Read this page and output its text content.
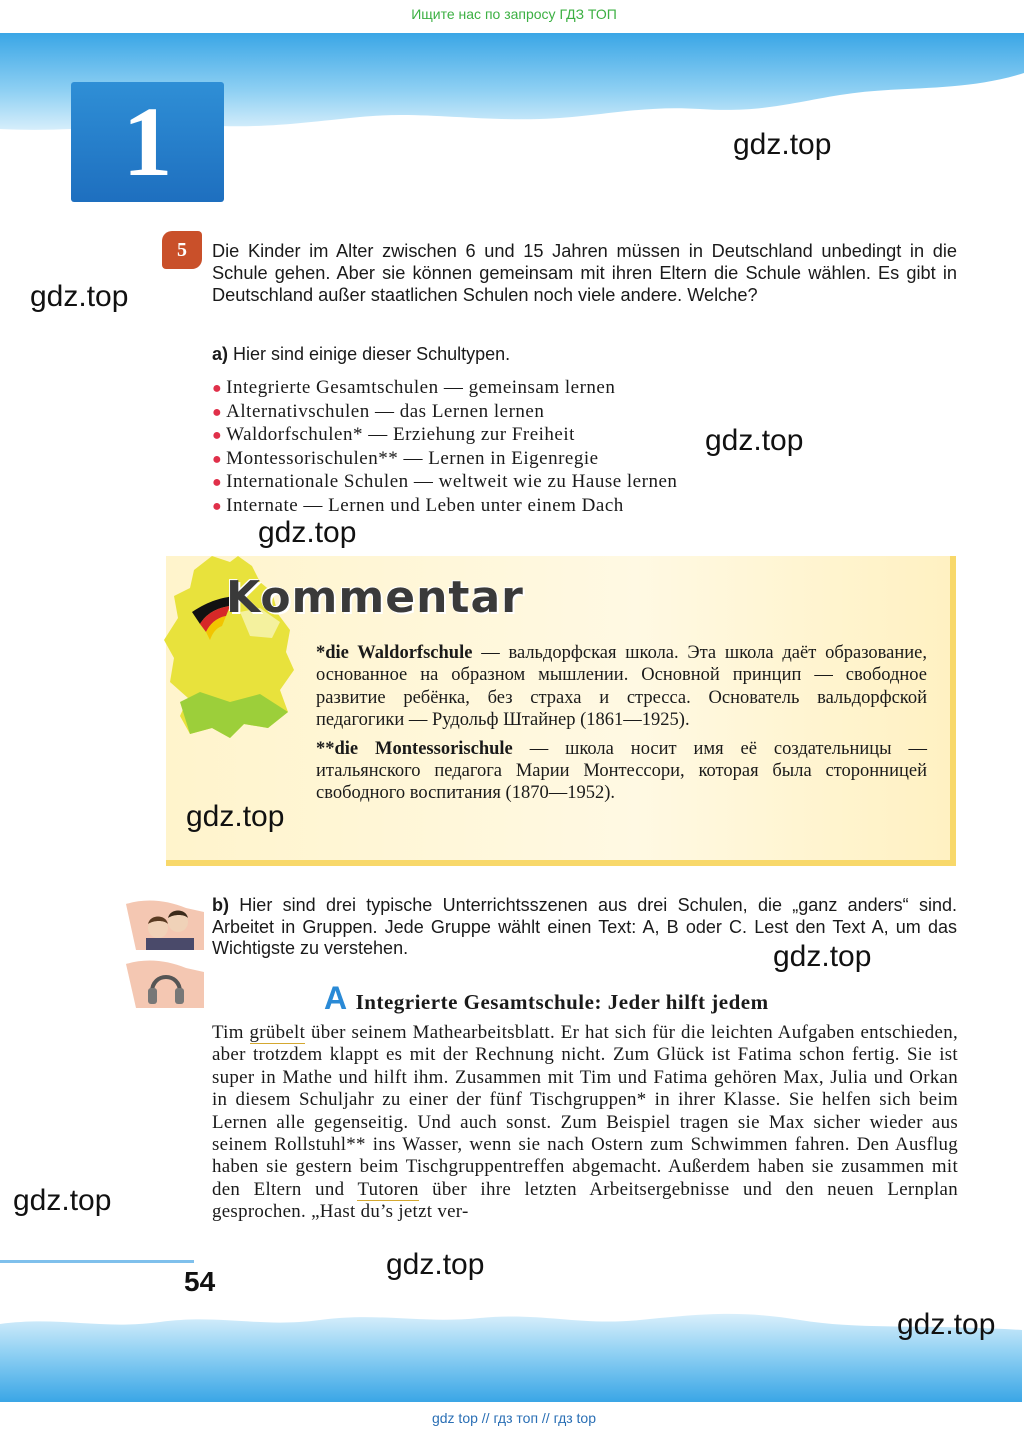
Ищите нас по запросу ГДЗ ТОП
gdz top // гдз топ // гдз top
1
5	Die Kinder im Alter zwischen 6 und 15 Jahren müssen in Deutschland unbedingt in die Schule gehen. Aber sie können gemeinsam mit ihren Eltern die Schule wählen. Es gibt in Deutschland außer staatlichen Schulen noch viele andere. Welche?
a) Hier sind einige dieser Schultypen.
● Integrierte Gesamtschulen — gemeinsam lernen
● Alternativschulen — das Lernen lernen
● Waldorfschulen* — Erziehung zur Freiheit
● Montessorischulen** — Lernen in Eigenregie
● Internationale Schulen — weltweit wie zu Hause lernen
● Internate — Lernen und Leben unter einem Dach
Kommentar

*die Waldorfschule — вальдорфская школа. Эта школа даёт образование, основанное на образном мышлении. Основной принцип — свободное развитие ребёнка, без страха и стресса. Основатель вальдорфской педагогики — Рудольф Штайнер (1861—1925).

**die Montessorischule — школа носит имя её создательницы — итальянского педагога Марии Монтессори, которая была сторонницей свободного воспитания (1870—1952).

b) Hier sind drei typische Unterrichtsszenen aus drei Schulen, die „ganz anders“ sind. Arbeitet in Gruppen. Jede Gruppe wählt einen Text: A, B oder C. Lest den Text A, um das Wichtigste zu verstehen.
A Integrierte Gesamtschule: Jeder hilft jedem
Tim grübelt über seinem Mathearbeitsblatt. Er hat sich für die leichten Aufgaben entschieden, aber trotzdem klappt es mit der Rechnung nicht. Zum Glück ist Fatima schon fertig. Sie ist super in Mathe und hilft ihm. Zusammen mit Tim und Fatima gehören Max, Julia und Orkan in diesem Schuljahr zu einer der fünf Tischgruppen* in ihrer Klasse. Sie helfen sich beim Lernen alle gegenseitig. Und auch sonst. Zum Beispiel tragen sie Max sicher wieder aus seinem Rollstuhl** ins Wasser, wenn sie nach Ostern zum Schwimmen fahren. Den Ausflug haben sie gestern beim Tischgruppentreffen abgemacht. Außerdem haben sie zusammen mit den Eltern und Tutoren über ihre letzten Arbeitsergebnisse und den neuen Lernplan gesprochen. „Hast du’s jetzt ver-
54
gdz.top
gdz.top
gdz.top
gdz.top
gdz.top
gdz.top
gdz.top
gdz.top
gdz.top
